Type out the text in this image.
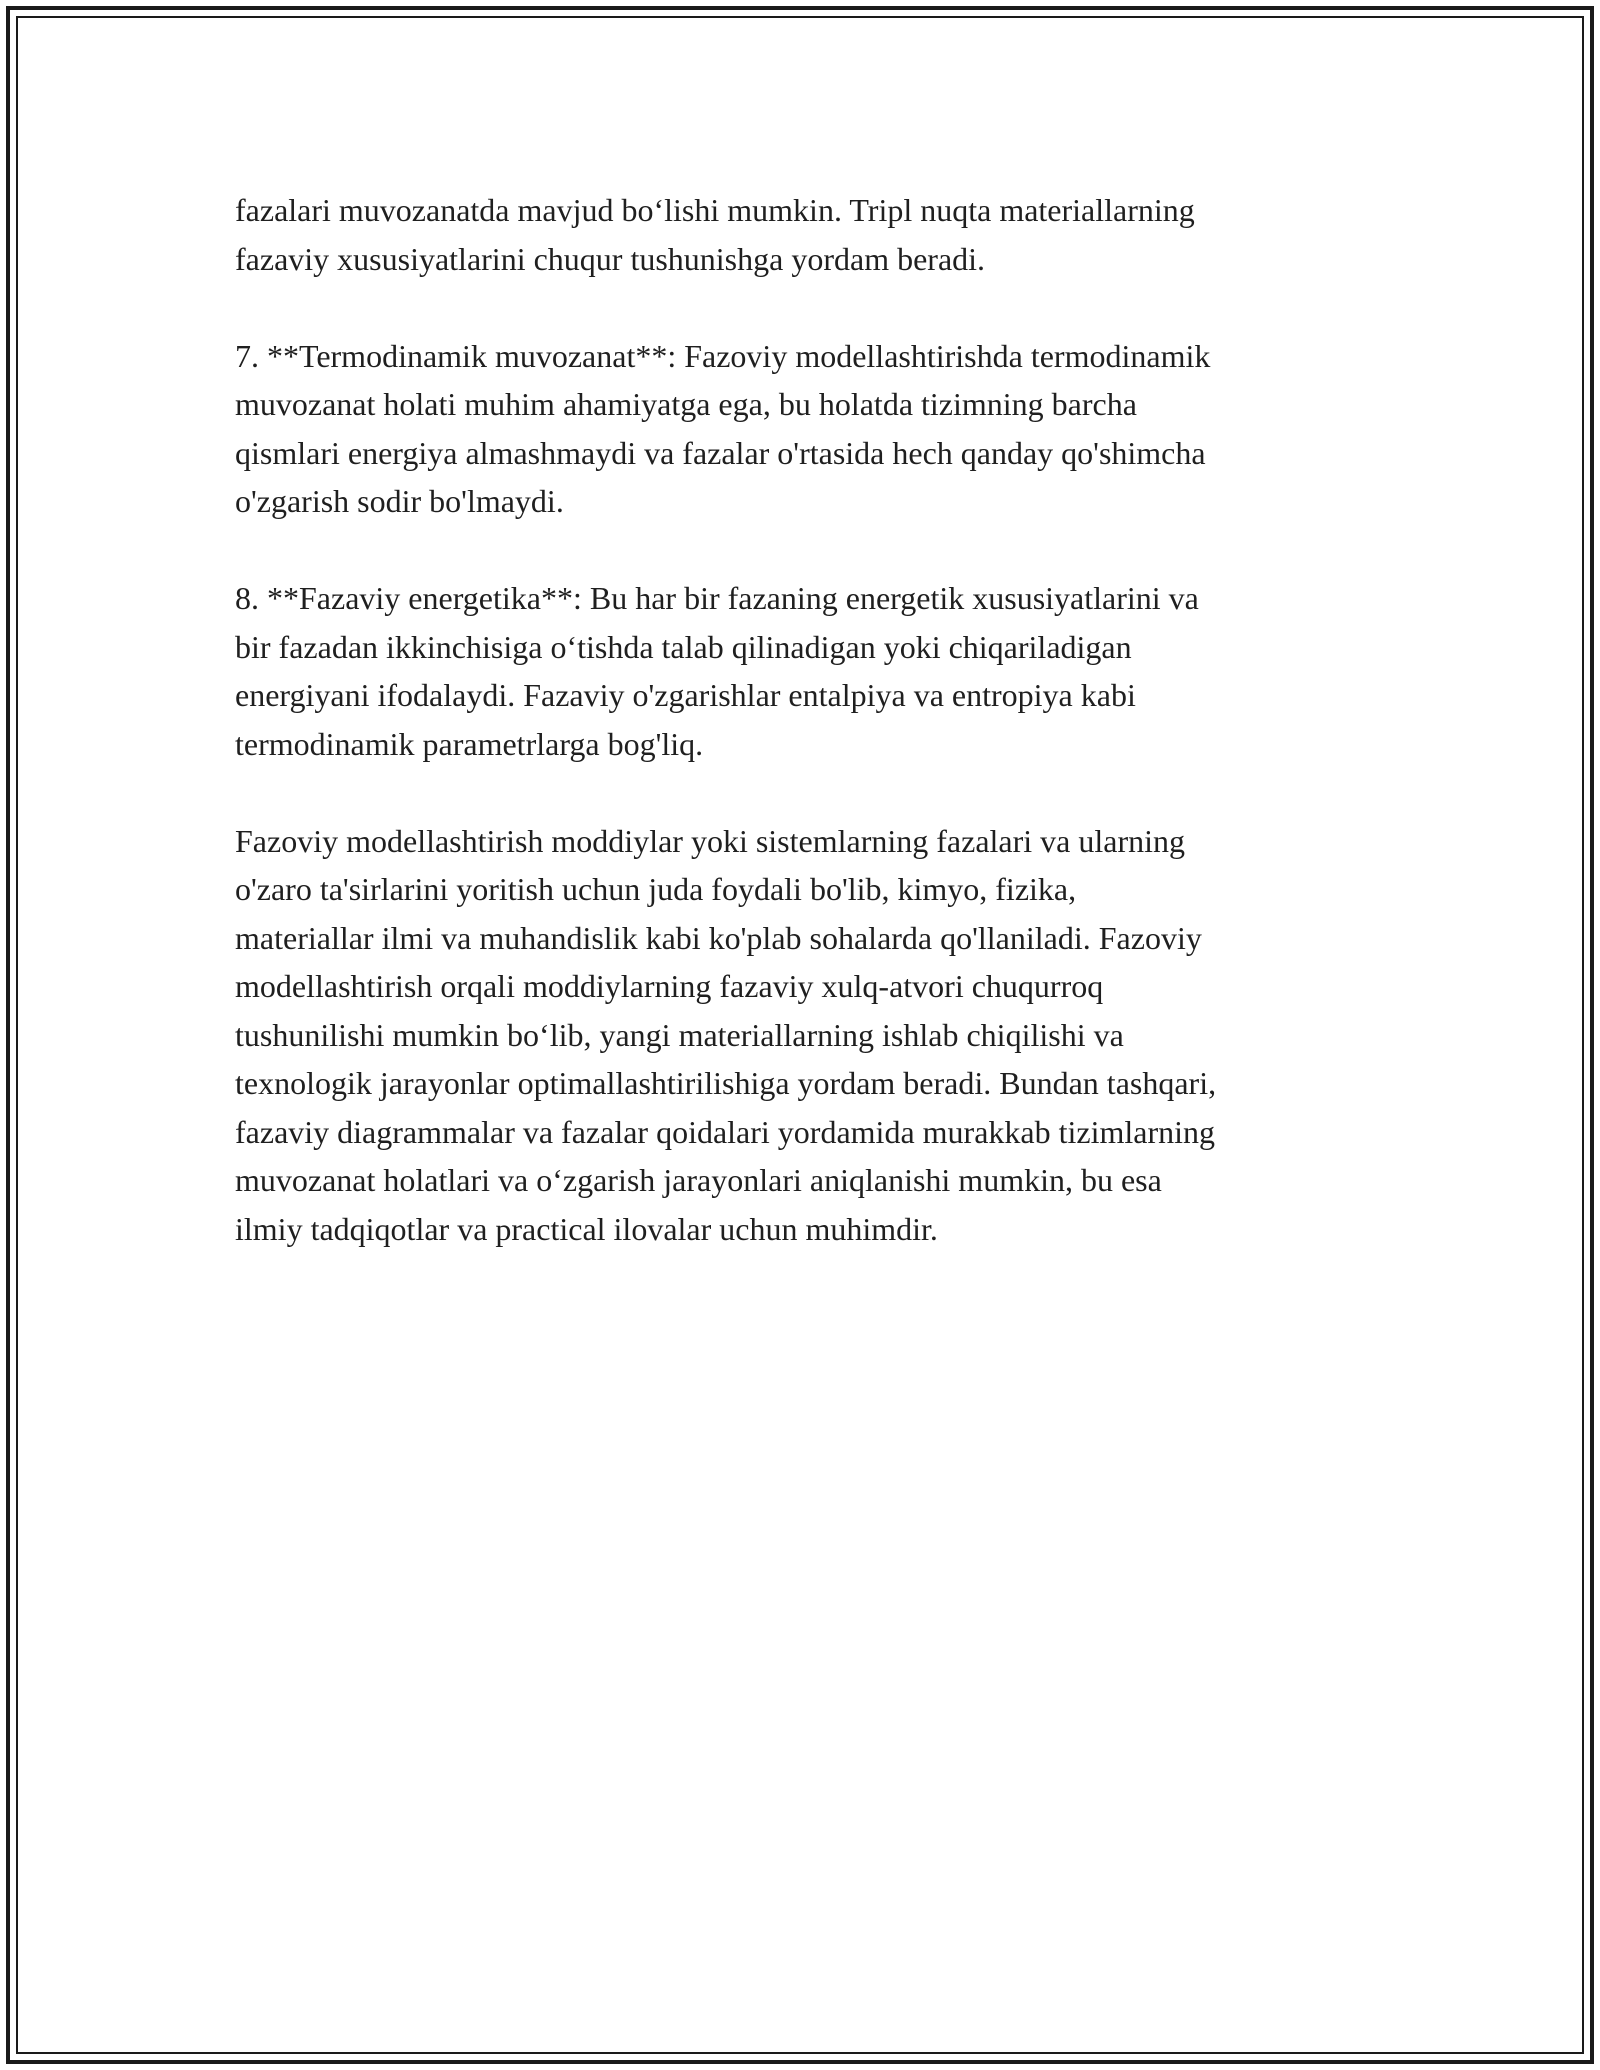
fazalari muvozanatda mavjud bo‘lishi mumkin. Tripl nuqta materiallarning
fazaviy xususiyatlarini chuqur tushunishga yordam beradi.

7. **Termodinamik muvozanat**: Fazoviy modellashtirishda termodinamik
muvozanat holati muhim ahamiyatga ega, bu holatda tizimning barcha
qismlari energiya almashmaydi va fazalar o'rtasida hech qanday qo'shimcha
o'zgarish sodir bo'lmaydi.

8. **Fazaviy energetika**: Bu har bir fazaning energetik xususiyatlarini va
bir fazadan ikkinchisiga o‘tishda talab qilinadigan yoki chiqariladigan
energiyani ifodalaydi. Fazaviy o'zgarishlar entalpiya va entropiya kabi
termodinamik parametrlarga bog'liq.

Fazoviy modellashtirish moddiylar yoki sistemlarning fazalari va ularning
o'zaro ta'sirlarini yoritish uchun juda foydali bo'lib, kimyo, fizika,
materiallar ilmi va muhandislik kabi ko'plab sohalarda qo'llaniladi. Fazoviy
modellashtirish orqali moddiylarning fazaviy xulq-atvori chuqurroq
tushunilishi mumkin bo‘lib, yangi materiallarning ishlab chiqilishi va
texnologik jarayonlar optimallashtirilishiga yordam beradi. Bundan tashqari,
fazaviy diagrammalar va fazalar qoidalari yordamida murakkab tizimlarning
muvozanat holatlari va o‘zgarish jarayonlari aniqlanishi mumkin, bu esa
ilmiy tadqiqotlar va practical ilovalar uchun muhimdir.
